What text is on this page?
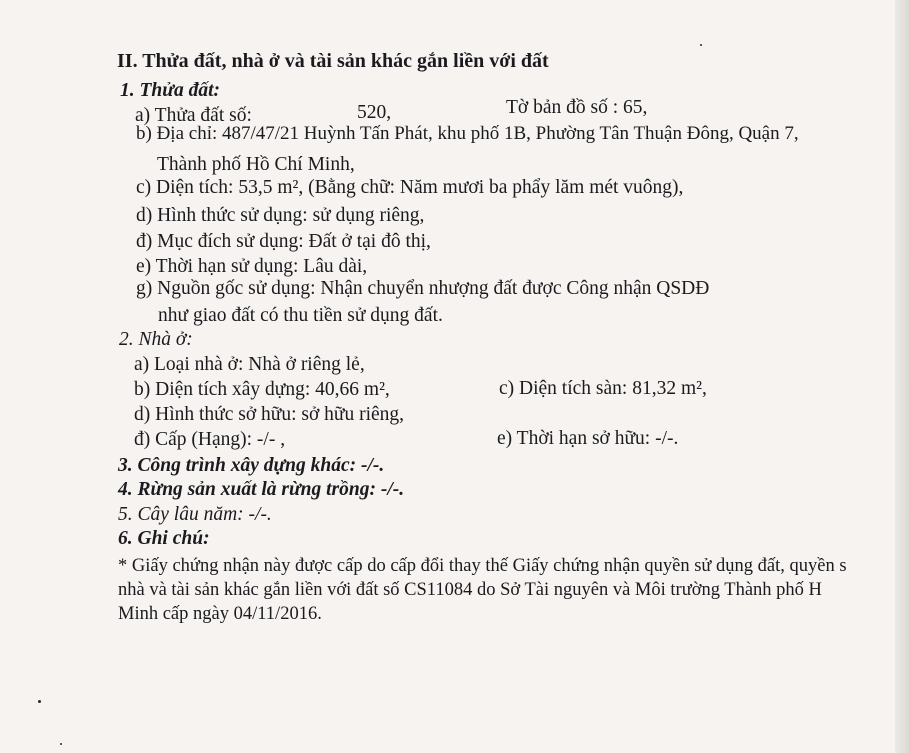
II. Thửa đất, nhà ở và tài sản khác gắn liền với đất
1. Thửa đất:
a) Thửa đất số:	520,	Tờ bản đồ số : 65,
b) Địa chỉ: 487/47/21 Huỳnh Tấn Phát, khu phố 1B, Phường Tân Thuận Đông, Quận 7,
Thành phố Hồ Chí Minh,
c) Diện tích: 53,5 m², (Bằng chữ: Năm mươi ba phẩy lăm mét vuông),
d) Hình thức sử dụng: sử dụng riêng,
đ) Mục đích sử dụng: Đất ở tại đô thị,
e) Thời hạn sử dụng: Lâu dài,
g) Nguồn gốc sử dụng: Nhận chuyển nhượng đất được Công nhận QSDĐ
như giao đất có thu tiền sử dụng đất.
2. Nhà ở:
a) Loại nhà ở: Nhà ở riêng lẻ,
b) Diện tích xây dựng: 40,66 m²,	c) Diện tích sàn: 81,32 m²,
d) Hình thức sở hữu: sở hữu riêng,
đ) Cấp (Hạng): -/- ,	e) Thời hạn sở hữu: -/-.
3. Công trình xây dựng khác: -/-.
4. Rừng sản xuất là rừng trồng: -/-.
5. Cây lâu năm: -/-.
6. Ghi chú:
* Giấy chứng nhận này được cấp do cấp đổi thay thế Giấy chứng nhận quyền sử dụng đất, quyền s
nhà và tài sản khác gắn liền với đất số CS11084 do Sở Tài nguyên và Môi trường Thành phố H
Minh cấp ngày 04/11/2016.
